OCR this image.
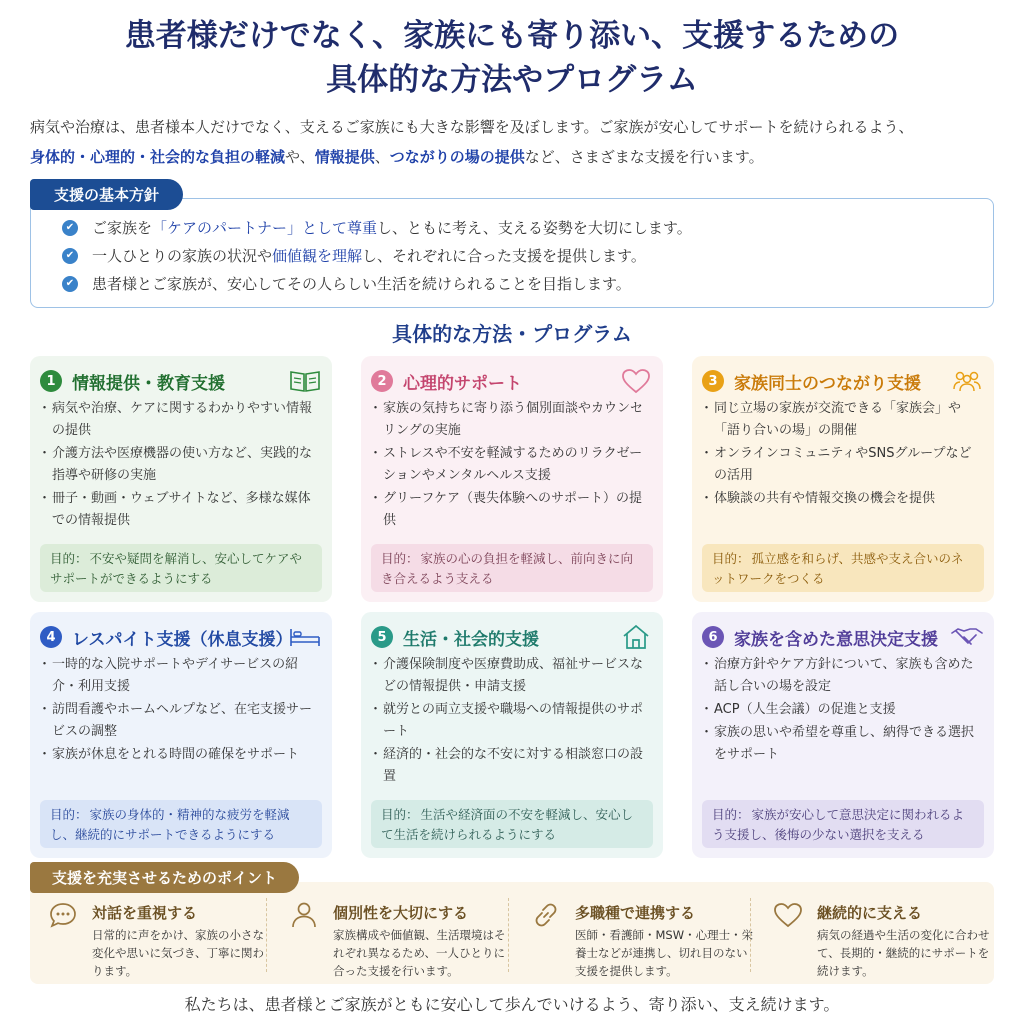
患者様だけでなく、家族にも寄り添い、支援するための
具体的な方法やプログラム
病気や治療は、患者様本人だけでなく、支えるご家族にも大きな影響を及ぼします。ご家族が安心してサポートを続けられるよう、
身体的・心理的・社会的な負担の軽減や、情報提供、つながりの場の提供など、さまざまな支援を行います。
支援の基本方針
✔ ご家族を 「ケアのパートナー」として尊重 し、ともに考え、支える姿勢を大切にします。
✔ 一人ひとりの家族の状況や 価値観を理解 し、それぞれに合った支援を提供します。
✔ 患者様とご家族が、安心してその人らしい生活を続けられることを目指します。
具体的な方法・プログラム
1 情報提供・教育支援
・ 病気や治療、ケアに関するわかりやすい情報の提供
・ 介護方法や医療機器の使い方など、実践的な指導や研修の実施
・ 冊子・動画・ウェブサイトなど、多様な媒体での情報提供
目的： 不安や疑問を解消し、安心してケアやサポートができるようにする
2 心理的サポート
・ 家族の気持ちに寄り添う個別面談やカウンセリングの実施
・ ストレスや不安を軽減するためのリラクゼーションやメンタルヘルス支援
・ グリーフケア（喪失体験へのサポート）の提供
目的： 家族の心の負担を軽減し、前向きに向き合えるよう支える
3 家族同士のつながり支援
・ 同じ立場の家族が交流できる「家族会」や「語り合いの場」の開催
・ オンラインコミュニティやSNSグループなどの活用
・ 体験談の共有や情報交換の機会を提供
目的： 孤立感を和らげ、共感や支え合いのネットワークをつくる
4 レスパイト支援（休息支援）
・ 一時的な入院サポートやデイサービスの紹介・利用支援
・ 訪問看護やホームヘルプなど、在宅支援サービスの調整
・ 家族が休息をとれる時間の確保をサポート
目的： 家族の身体的・精神的な疲労を軽減し、継続的にサポートできるようにする
5 生活・社会的支援
・ 介護保険制度や医療費助成、福祉サービスなどの情報提供・申請支援
・ 就労との両立支援や職場への情報提供のサポート
・ 経済的・社会的な不安に対する相談窓口の設置
目的： 生活や経済面の不安を軽減し、安心して生活を続けられるようにする
6 家族を含めた意思決定支援
・ 治療方針やケア方針について、家族も含めた話し合いの場を設定
・ ACP（人生会議）の促進と支援
・ 家族の思いや希望を尊重し、納得できる選択をサポート
目的： 家族が安心して意思決定に関われるよう支援し、後悔の少ない選択を支える
支援を充実させるためのポイント
対話を重視する
日常的に声をかけ、家族の小さな変化や思いに気づき、丁寧に関わります。
個別性を大切にする
家族構成や価値観、生活環境はそれぞれ異なるため、一人ひとりに合った支援を行います。
多職種で連携する
医師・看護師・MSW・心理士・栄養士などが連携し、切れ目のない支援を提供します。
継続的に支える
病気の経過や生活の変化に合わせて、長期的・継続的にサポートを続けます。
私たちは、患者様とご家族がともに安心して歩んでいけるよう、寄り添い、支え続けます。
